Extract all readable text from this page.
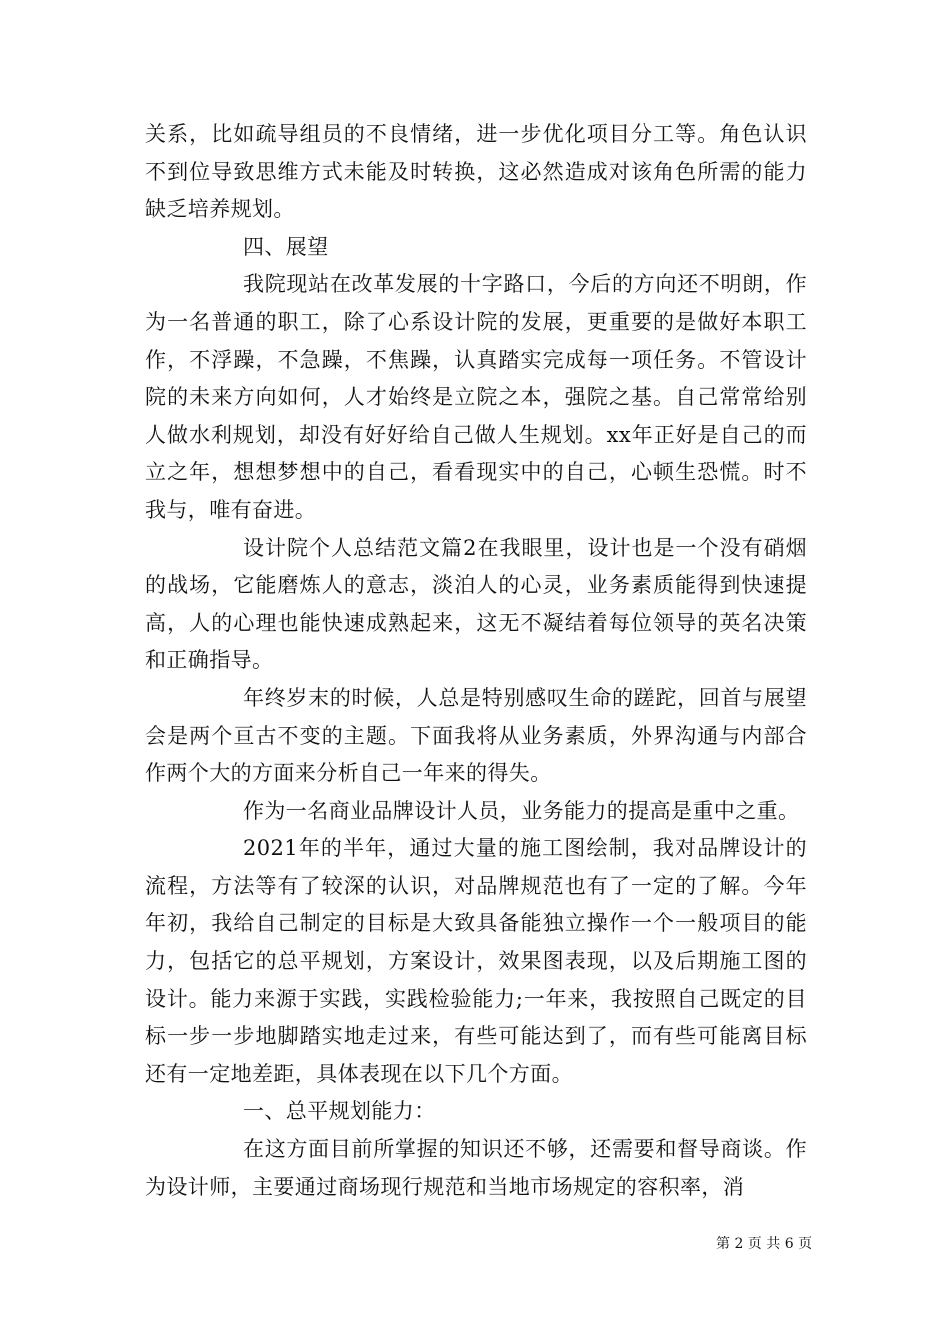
关系，比如疏导组员的不良情绪，进一步优化项目分工等。角色认识不到位导致思维方式未能及时转换，这必然造成对该角色所需的能力缺乏培养规划。

四、展望

我院现站在改革发展的十字路口，今后的方向还不明朗，作为一名普通的职工，除了心系设计院的发展，更重要的是做好本职工作，不浮躁，不急躁，不焦躁，认真踏实完成每一项任务。不管设计院的未来方向如何，人才始终是立院之本，强院之基。自己常常给别人做水利规划，却没有好好给自己做人生规划。xx年正好是自己的而立之年，想想梦想中的自己，看看现实中的自己，心顿生恐慌。时不我与，唯有奋进。

设计院个人总结范文篇2在我眼里，设计也是一个没有硝烟的战场，它能磨炼人的意志，淡泊人的心灵，业务素质能得到快速提高，人的心理也能快速成熟起来，这无不凝结着每位领导的英名决策和正确指导。

年终岁末的时候，人总是特别感叹生命的蹉跎，回首与展望会是两个亘古不变的主题。下面我将从业务素质，外界沟通与内部合作两个大的方面来分析自己一年来的得失。

作为一名商业品牌设计人员，业务能力的提高是重中之重。

2021年的半年，通过大量的施工图绘制，我对品牌设计的流程，方法等有了较深的认识，对品牌规范也有了一定的了解。今年年初，我给自己制定的目标是大致具备能独立操作一个一般项目的能力，包括它的总平规划，方案设计，效果图表现，以及后期施工图的设计。能力来源于实践，实践检验能力;一年来，我按照自己既定的目标一步一步地脚踏实地走过来，有些可能达到了，而有些可能离目标还有一定地差距，具体表现在以下几个方面。

一、总平规划能力：

在这方面目前所掌握的知识还不够，还需要和督导商谈。作为设计师，主要通过商场现行规范和当地市场规定的容积率，消

第 2 页 共 6 页
